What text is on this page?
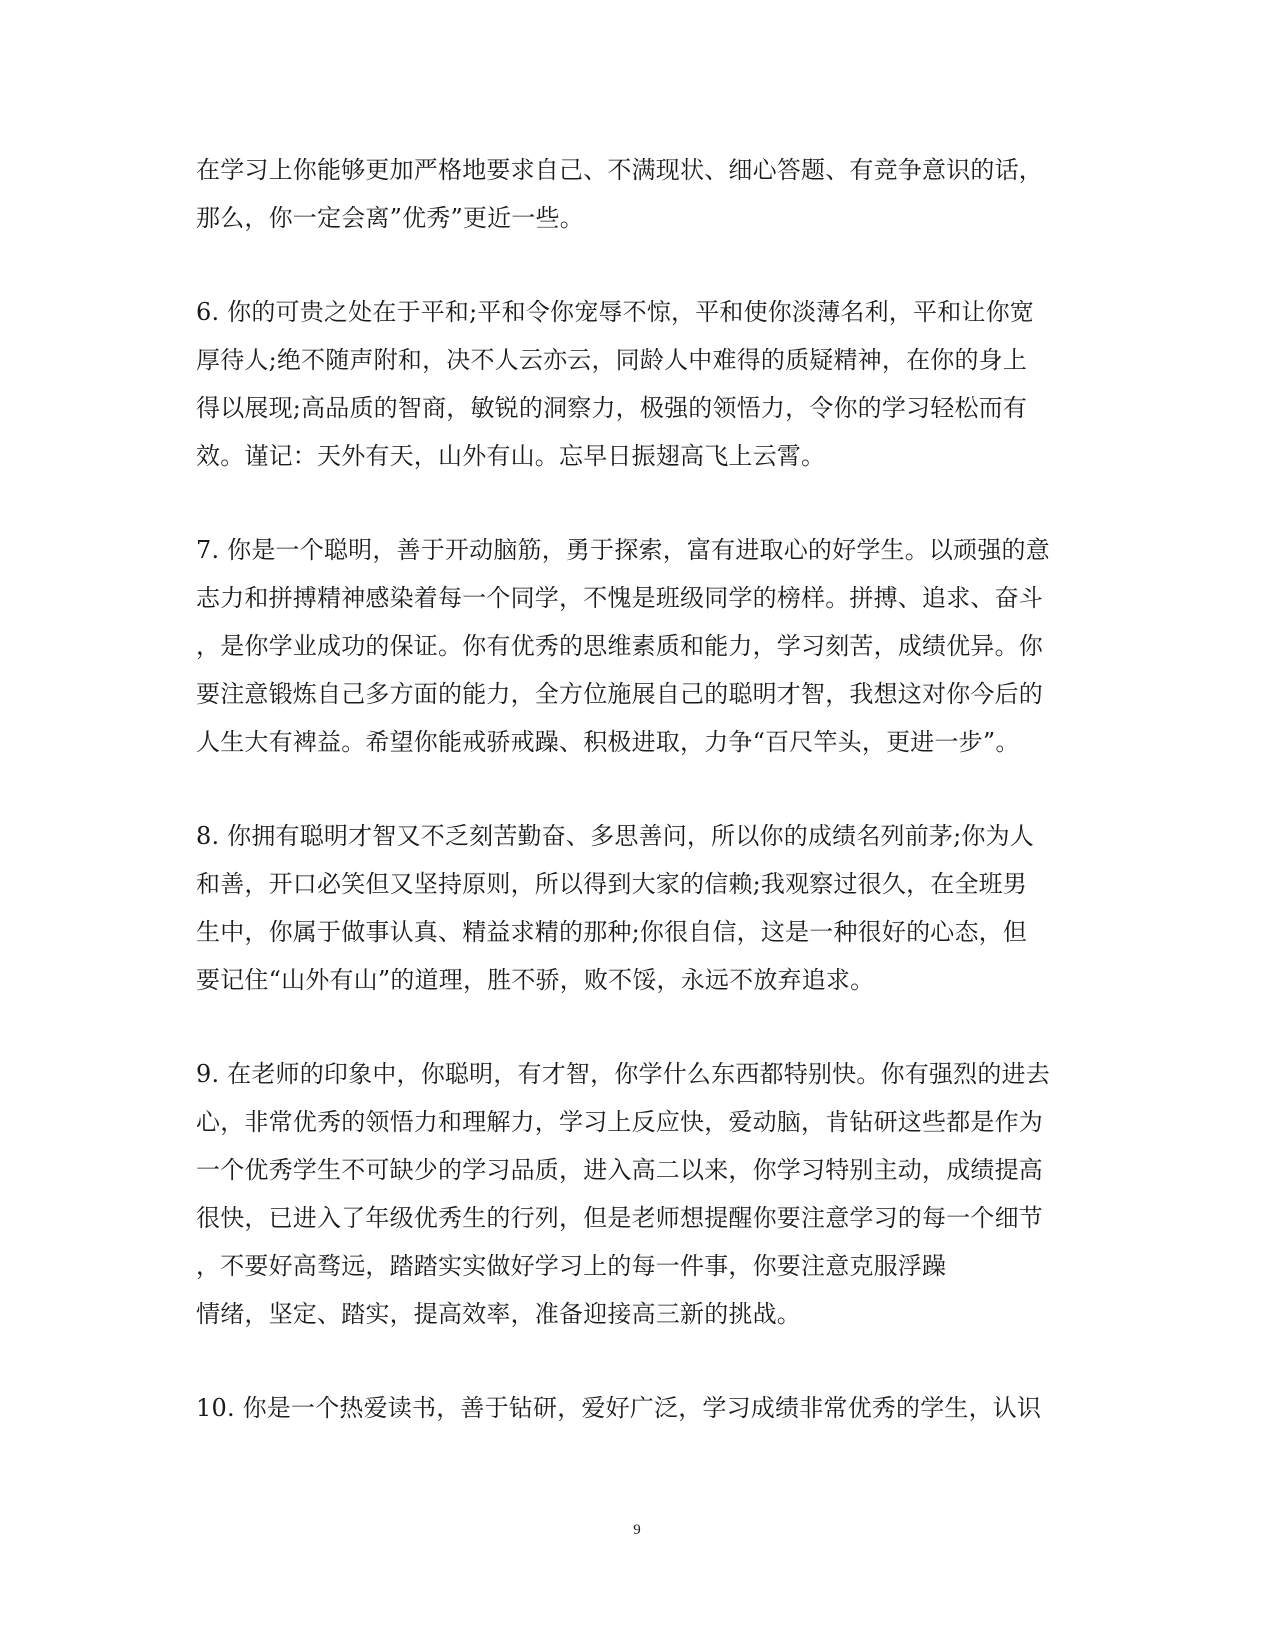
在学习上你能够更加严格地要求自己、不满现状、细心答题、有竞争意识的话，
那么，你一定会离”优秀”更近一些。
6. 你的可贵之处在于平和;平和令你宠辱不惊，平和使你淡薄名利，平和让你宽
厚待人;绝不随声附和，决不人云亦云，同龄人中难得的质疑精神，在你的身上
得以展现;高品质的智商，敏锐的洞察力，极强的领悟力，令你的学习轻松而有
效。谨记：天外有天，山外有山。忘早日振翅高飞上云霄。
7. 你是一个聪明，善于开动脑筋，勇于探索，富有进取心的好学生。以顽强的意
志力和拼搏精神感染着每一个同学，不愧是班级同学的榜样。拼搏、追求、奋斗
，是你学业成功的保证。你有优秀的思维素质和能力，学习刻苦，成绩优异。你
要注意锻炼自己多方面的能力，全方位施展自己的聪明才智，我想这对你今后的
人生大有裨益。希望你能戒骄戒躁、积极进取，力争“百尺竿头，更进一步”。
8. 你拥有聪明才智又不乏刻苦勤奋、多思善问，所以你的成绩名列前茅;你为人
和善，开口必笑但又坚持原则，所以得到大家的信赖;我观察过很久，在全班男
生中，你属于做事认真、精益求精的那种;你很自信，这是一种很好的心态，但
要记住“山外有山”的道理，胜不骄，败不馁，永远不放弃追求。
9. 在老师的印象中，你聪明，有才智，你学什么东西都特别快。你有强烈的进去
心，非常优秀的领悟力和理解力，学习上反应快，爱动脑，肯钻研这些都是作为
一个优秀学生不可缺少的学习品质，进入高二以来，你学习特别主动，成绩提高
很快，已进入了年级优秀生的行列，但是老师想提醒你要注意学习的每一个细节
，不要好高骛远，踏踏实实做好学习上的每一件事，你要注意克服浮躁
情绪，坚定、踏实，提高效率，准备迎接高三新的挑战。
10. 你是一个热爱读书，善于钻研，爱好广泛，学习成绩非常优秀的学生，认识
9
